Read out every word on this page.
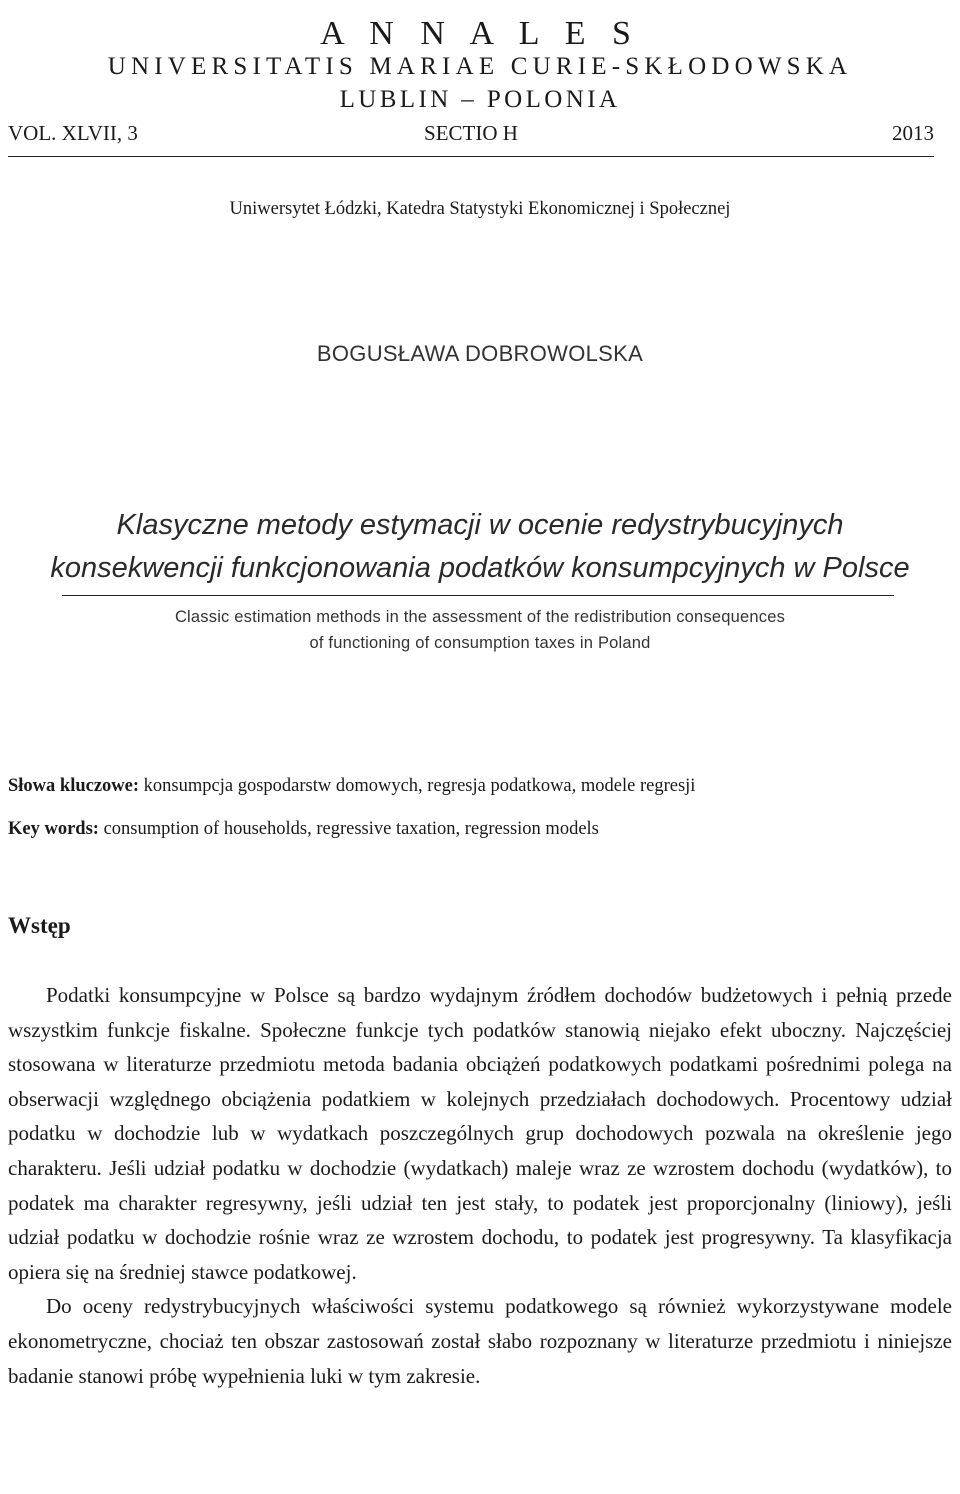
A N N A L E S
UNIVERSITATIS MARIAE CURIE-SKŁODOWSKA
LUBLIN – POLONIA
SECTIO H
VOL. XLVII, 3	2013
Uniwersytet Łódzki, Katedra Statystyki Ekonomicznej i Społecznej
BOGUSŁAWA DOBROWOLSKA
Klasyczne metody estymacji w ocenie redystrybucyjnych
konsekwencji funkcjonowania podatków konsumpcyjnych w Polsce
Classic estimation methods in the assessment of the redistribution consequences
of functioning of consumption taxes in Poland
Słowa kluczowe: konsumpcja gospodarstw domowych, regresja podatkowa, modele regresji
Key words: consumption of households, regressive taxation, regression models
Wstęp

Podatki konsumpcyjne w Polsce są bardzo wydajnym źródłem dochodów budżetowych i pełnią przede wszystkim funkcje fiskalne. Społeczne funkcje tych podatków stanowią niejako efekt uboczny. Najczęściej stosowana w literaturze przedmiotu metoda badania obciążeń podatkowych podatkami pośrednimi polega na obserwacji względnego obciążenia podatkiem w kolejnych przedziałach dochodowych. Procentowy udział podatku w dochodzie lub w wydatkach poszczególnych grup dochodowych pozwala na określenie jego charakteru. Jeśli udział podatku w dochodzie (wydatkach) maleje wraz ze wzrostem dochodu (wydatków), to podatek ma charakter regresywny, jeśli udział ten jest stały, to podatek jest proporcjonalny (liniowy), jeśli udział podatku w dochodzie rośnie wraz ze wzrostem dochodu, to podatek jest progresywny. Ta klasyfikacja opiera się na średniej stawce podatkowej.

Do oceny redystrybucyjnych właściwości systemu podatkowego są również wykorzystywane modele ekonometryczne, chociaż ten obszar zastosowań został słabo rozpoznany w literaturze przedmiotu i niniejsze badanie stanowi próbę wypełnienia luki w tym zakresie.
